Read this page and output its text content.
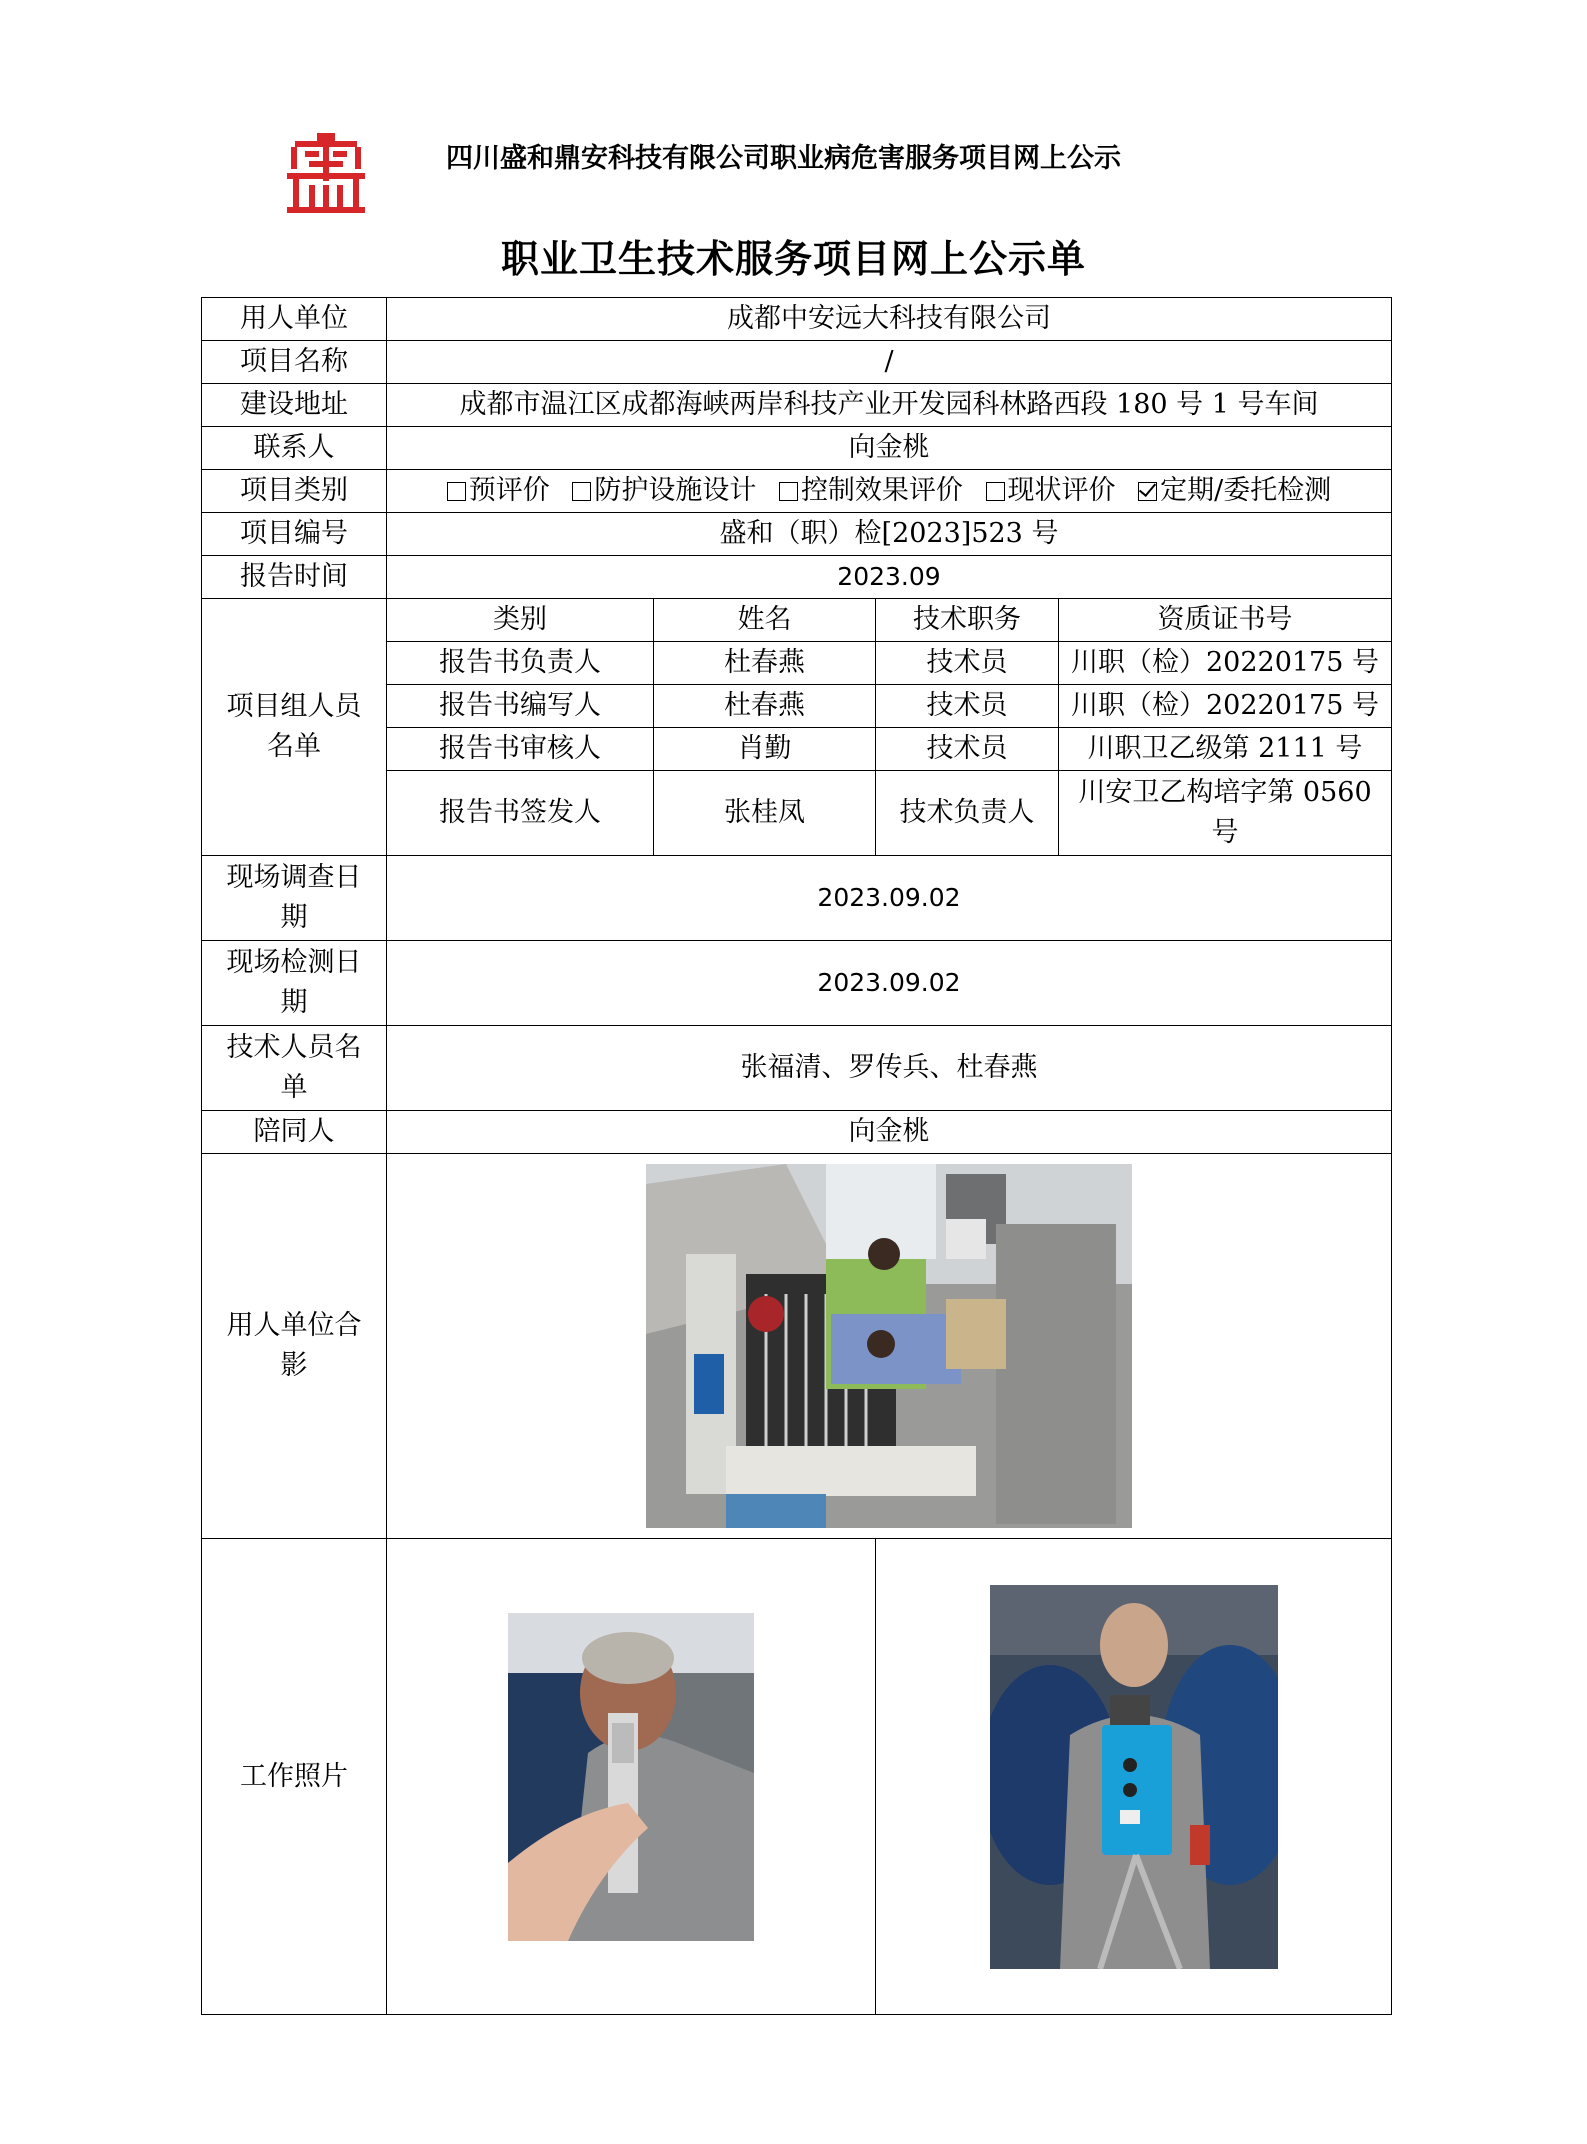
四川盛和鼎安科技有限公司职业病危害服务项目网上公示
职业卫生技术服务项目网上公示单
用人单位	成都中安远大科技有限公司			
项目名称	/			
建设地址	成都市温江区成都海峡两岸科技产业开发园科林路西段 180 号 1 号车间			
联系人	向金桃			
项目类别	预评价 防护设施设计 控制效果评价 现状评价 定期/委托检测			
项目编号	盛和（职）检[2023]523 号			
报告时间	2023.09			
项目组人员名单	类别	姓名	技术职务	资质证书号
	报告书负责人	杜春燕	技术员	川职（检）20220175 号
	报告书编写人	杜春燕	技术员	川职（检）20220175 号
	报告书审核人	肖勤	技术员	川职卫乙级第 2111 号
	报告书签发人	张桂凤	技术负责人	川安卫乙构培字第 0560 号
现场调查日期	2023.09.02			
现场检测日期	2023.09.02			
技术人员名单	张福清、罗传兵、杜春燕			
陪同人	向金桃			
用人单位合影	

工作照片	
